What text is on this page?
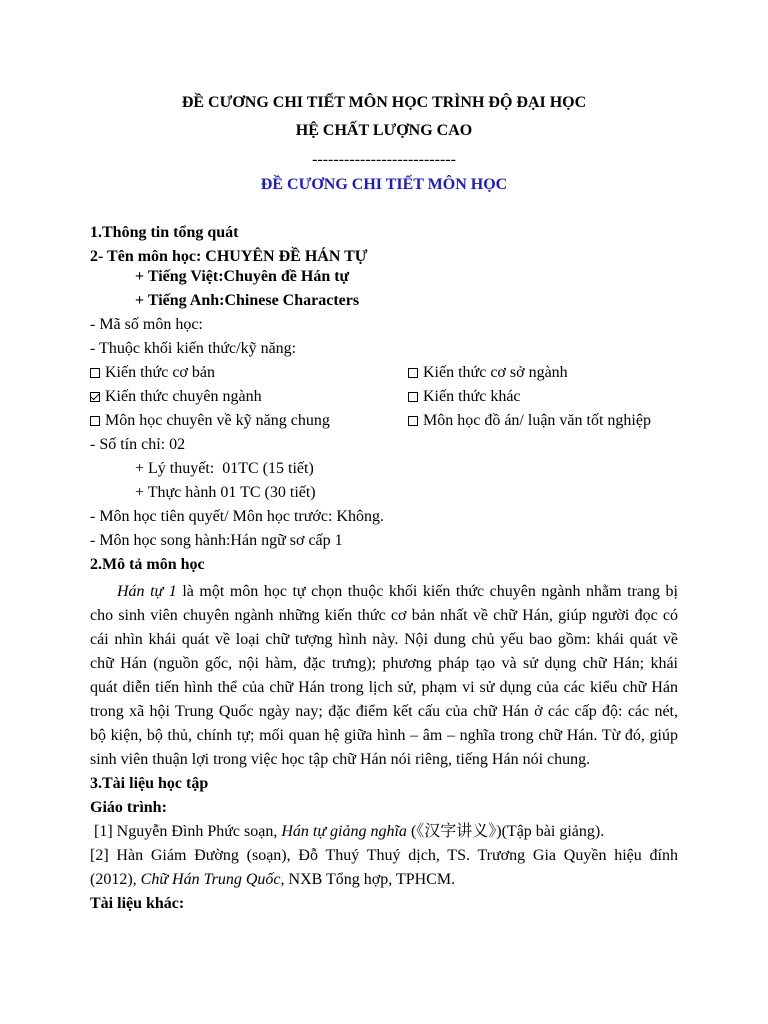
ĐỀ CƯƠNG CHI TIẾT MÔN HỌC TRÌNH ĐỘ ĐẠI HỌC
HỆ CHẤT LƯỢNG CAO
---------------------------
ĐỀ CƯƠNG CHI TIẾT MÔN HỌC
1.Thông tin tổng quát
2- Tên môn học: CHUYÊN ĐỀ HÁN TỰ
+ Tiếng Việt:Chuyên đề Hán tự
+ Tiếng Anh:Chinese Characters
- Mã số môn học:
- Thuộc khối kiến thức/kỹ năng:
Kiến thức cơ bản	Kiến thức cơ sở ngành
Kiến thức chuyên ngành	Kiến thức khác
Môn học chuyên về kỹ năng chung	Môn học đồ án/ luận văn tốt nghiệp
- Số tín chỉ: 02
+ Lý thuyết:  01TC (15 tiết)
+ Thực hành 01 TC (30 tiết)
- Môn học tiên quyết/ Môn học trước: Không.
- Môn học song hành:Hán ngữ sơ cấp 1
2.Mô tả môn học
Hán tự 1 là một môn học tự chọn thuộc khối kiến thức chuyên ngành nhằm trang bị
cho sinh viên chuyên ngành những kiến thức cơ bản nhất về chữ Hán, giúp người đọc có
cái nhìn khái quát về loại chữ tượng hình này. Nội dung chủ yếu bao gồm: khái quát về
chữ Hán (nguồn gốc, nội hàm, đặc trưng); phương pháp tạo và sử dụng chữ Hán; khái
quát diễn tiến hình thể của chữ Hán trong lịch sử, phạm vi sử dụng của các kiểu chữ Hán
trong xã hội Trung Quốc ngày nay; đặc điểm kết cấu của chữ Hán ở các cấp độ: các nét,
bộ kiện, bộ thủ, chính tự; mối quan hệ giữa hình – âm – nghĩa trong chữ Hán. Từ đó, giúp
sinh viên thuận lợi trong việc học tập chữ Hán nói riêng, tiếng Hán nói chung.
3.Tài liệu học tập
Giáo trình:
[1] Nguyễn Đình Phức soạn, Hán tự giảng nghĩa (《汉字讲义》)(Tập bài giảng).
[2] Hàn Giám Đường (soạn), Đỗ Thuý Thuý dịch, TS. Trương Gia Quyền hiệu đính
(2012), Chữ Hán Trung Quốc, NXB Tổng hợp, TPHCM.
Tài liệu khác:
